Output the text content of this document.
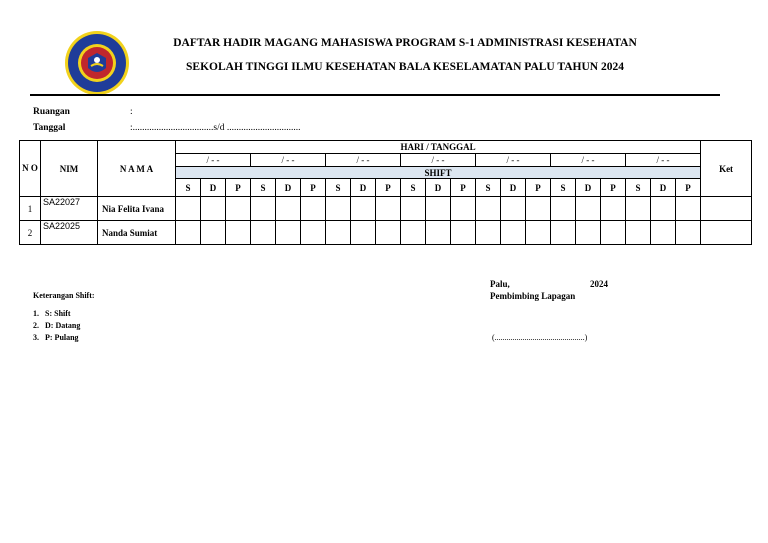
DAFTAR HADIR MAGANG MAHASISWA PROGRAM S-1 ADMINISTRASI KESEHATAN
SEKOLAH TINGGI ILMU KESEHATAN BALA KESELAMATAN PALU TAHUN 2024
Ruangan	:
Tanggal	:..................................s/d ...............................
N O	NIM	N A M A	HARI / TANGGAL																					Ket
			/ - -			/ - -			/ - -			/ - -			/ - -			/ - -			/ - -			
			SHIFT																					
			S	D	P	S	D	P	S	D	P	S	D	P	S	D	P	S	D	P	S	D	P	
1	SA22027	Nia Felita Ivana																						
2	SA22025	Nanda Sumiat																						
Keterangan Shift:
1. S: Shift
2. D: Datang
3. P: Pulang
Palu,	2024
Pembimbing Lapagan
(.............................................)
